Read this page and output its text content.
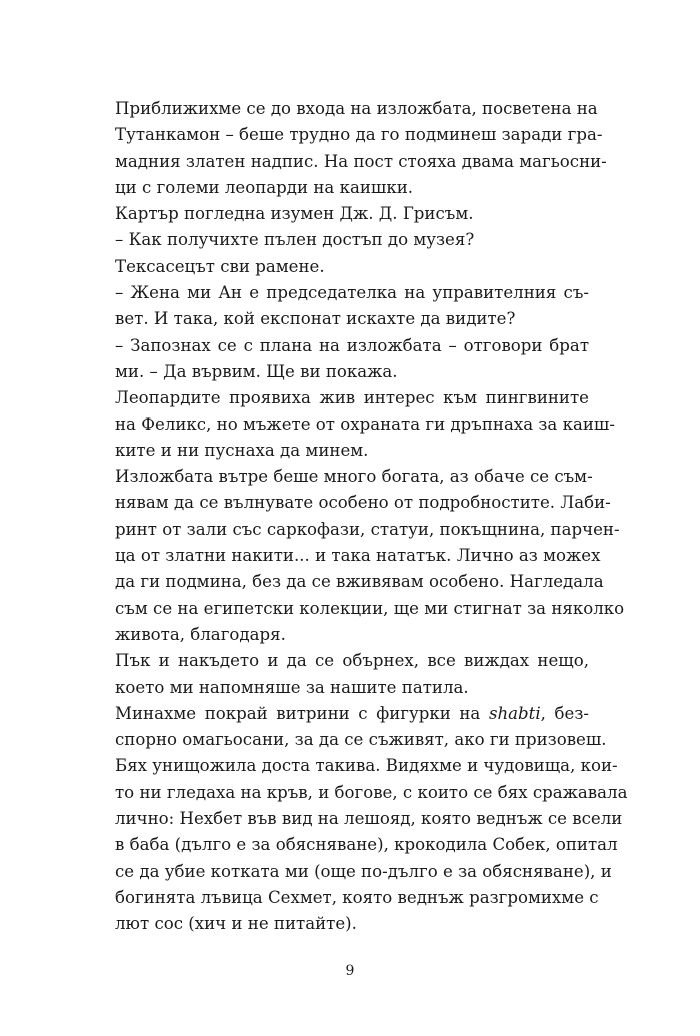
Приближихме се до входа на изложбата, посветена на
Тутанкамон – беше трудно да го подминеш заради гра-
мадния златен надпис. На пост стояха двама магьосни-
ци с големи леопарди на каишки.

Картър погледна изумен Дж. Д. Грисъм.

– Как получихте пълен достъп до музея?

Тексасецът сви рамене.

– Жена ми Ан е председателка на управителния съ-
вет. И така, кой експонат искахте да видите?

– Запознах се с плана на изложбата – отговори брат
ми. – Да вървим. Ще ви покажа.

Леопардите проявиха жив интерес към пингвините
на Феликс, но мъжете от охраната ги дръпнаха за каиш-
ките и ни пуснаха да минем.

Изложбата вътре беше много богата, аз обаче се съм-
нявам да се вълнувате особено от подробностите. Лаби-
ринт от зали със саркофази, статуи, покъщнина, парчен-
ца от златни накити... и така нататък. Лично аз можех
да ги подмина, без да се вживявам особено. Нагледала
съм се на египетски колекции, ще ми стигнат за няколко
живота, благодаря.

Пък и накъдето и да се обърнех, все виждах нещо,
което ми напомняше за нашите патила.

Минахме покрай витрини с фигурки на shabti, без-
спорно омагьосани, за да се съживят, ако ги призовеш.
Бях унищожила доста такива. Видяхме и чудовища, кои-
то ни гледаха на кръв, и богове, с които се бях сражавала
лично: Нехбет във вид на лешояд, която веднъж се всели
в баба (дълго е за обясняване), крокодила Собек, опитал
се да убие котката ми (още по-дълго е за обясняване), и
богинята лъвица Сехмет, която веднъж разгромихме с
лют сос (хич и не питайте).

9
